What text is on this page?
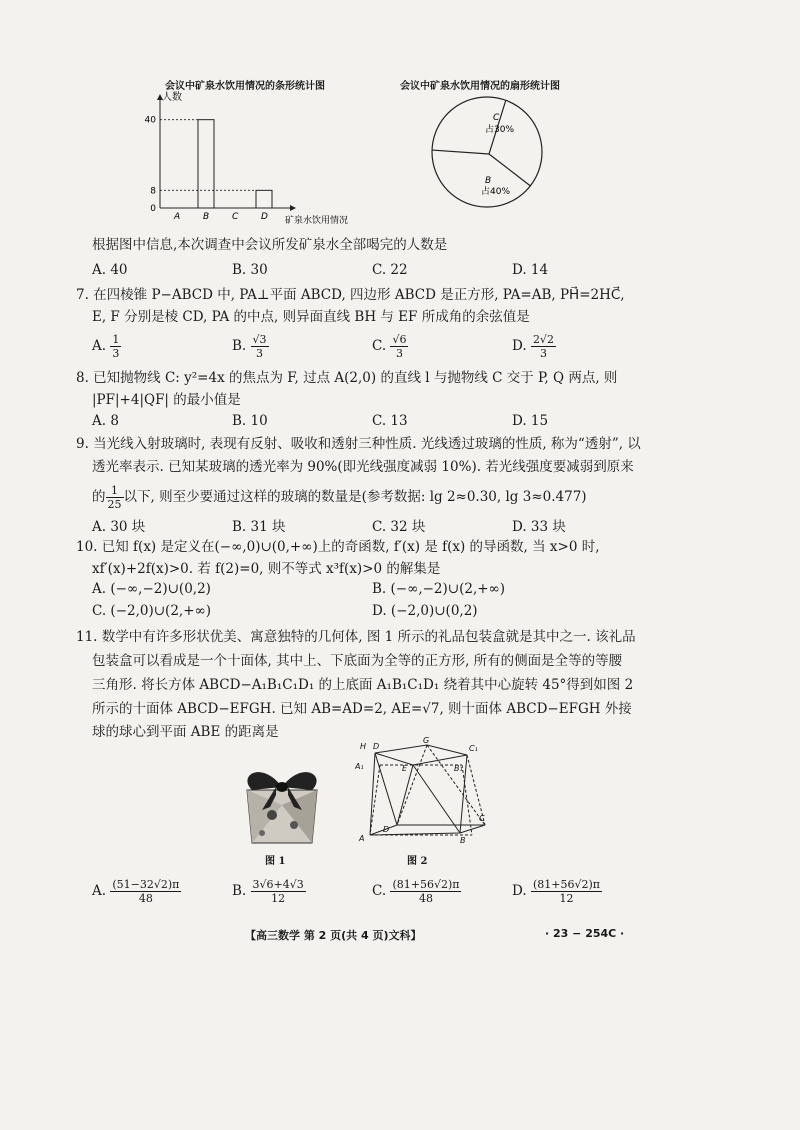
会议中矿泉水饮用情况的条形统计图	会议中矿泉水饮用情况的扇形统计图
人数
A	B	C	D
0
8
40
矿泉水饮用情况
C
占30%
B
占40%
根据图中信息,本次调查中会议所发矿泉水全部喝完的人数是
A. 40	B. 30	C. 22	D. 14
7. 在四棱锥 P−ABCD 中, PA⊥平面 ABCD, 四边形 ABCD 是正方形, PA=AB, PH⃗=2HC⃗,
E, F 分别是棱 CD, PA 的中点, 则异面直线 BH 与 EF 所成角的余弦值是
A. $\frac{1}{3}$	B. $\frac{√3}{3}$	C. $\frac{√6}{3}$	D. $\frac{2√2}{3}$
8. 已知抛物线 C: y²=4x 的焦点为 F, 过点 A(2,0) 的直线 l 与抛物线 C 交于 P, Q 两点, 则
|PF|+4|QF| 的最小值是
A. 8	B. 10	C. 13	D. 15
9. 当光线入射玻璃时, 表现有反射、吸收和透射三种性质. 光线透过玻璃的性质, 称为“透射”, 以
透光率表示. 已知某玻璃的透光率为 90%(即光线强度减弱 10%). 若光线强度要减弱到原来
的 $\frac{1}{25}$ 以下, 则至少要通过这样的玻璃的数量是(参考数据: lg 2≈0.30, lg 3≈0.477)
A. 30 块	B. 31 块	C. 32 块	D. 33 块
10. 已知 f(x) 是定义在(−∞,0)∪(0,+∞)上的奇函数, f′(x) 是 f(x) 的导函数, 当 x>0 时,
xf′(x)+2f(x)>0. 若 f(2)=0, 则不等式 x³f(x)>0 的解集是
A. (−∞,−2)∪(0,2)	B. (−∞,−2)∪(2,+∞)
C. (−2,0)∪(2,+∞)	D. (−2,0)∪(0,2)
11. 数学中有许多形状优美、寓意独特的几何体, 图 1 所示的礼品包装盒就是其中之一. 该礼品
包装盒可以看成是一个十面体, 其中上、下底面为全等的正方形, 所有的侧面是全等的等腰
三角形. 将长方体 ABCD−A₁B₁C₁D₁ 的上底面 A₁B₁C₁D₁ 绕着其中心旋转 45°得到如图 2
所示的十面体 ABCD−EFGH. 已知 AB=AD=2, AE=√7, 则十面体 ABCD−EFGH 外接
球的球心到平面 ABE 的距离是
图 1
H D
G
C₁
A₁	E	B₁
D
C
A	B
图 2
A. $\frac{(51-32√2)\pi}{48}$	B. $\frac{3√6+4√3}{12}$	C. $\frac{(81+56√2)\pi}{48}$	D. $\frac{(81+56√2)\pi}{12}$
【高三数学 第 2 页(共 4 页)文科】	· 23 − 254C ·
